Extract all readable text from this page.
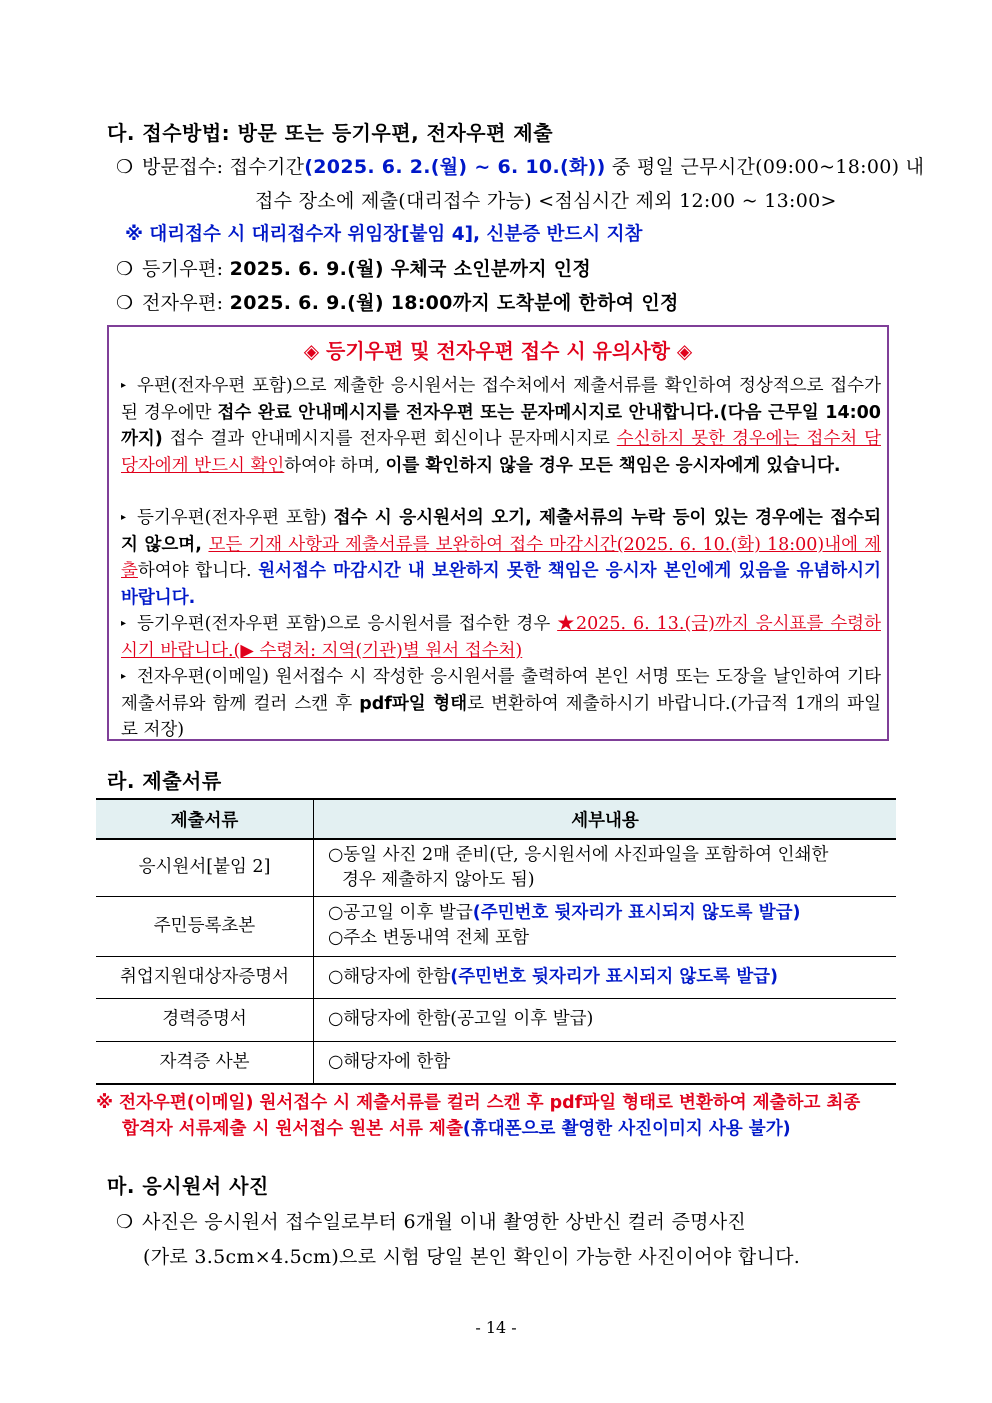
다. 접수방법: 방문 또는 등기우편, 전자우편 제출
❍ 방문접수: 접수기간(2025. 6. 2.(월) ~ 6. 10.(화)) 중 평일 근무시간(09:00~18:00) 내
접수 장소에 제출(대리접수 가능) <점심시간 제외 12:00 ~ 13:00>
※ 대리접수 시 대리접수자 위임장[붙임 4], 신분증 반드시 지참
❍ 등기우편: 2025. 6. 9.(월) 우체국 소인분까지 인정
❍ 전자우편: 2025. 6. 9.(월) 18:00까지 도착분에 한하여 인정
◈ 등기우편 및 전자우편 접수 시 유의사항 ◈
▸ 우편(전자우편 포함)으로 제출한 응시원서는 접수처에서 제출서류를 확인하여 정상적으로 접수가 된 경우에만 접수 완료 안내메시지를 전자우편 또는 문자메시지로 안내합니다.(다음 근무일 14:00까지) 접수 결과 안내메시지를 전자우편 회신이나 문자메시지로 수신하지 못한 경우에는 접수처 담당자에게 반드시 확인하여야 하며, 이를 확인하지 않을 경우 모든 책임은 응시자에게 있습니다.
▸ 등기우편(전자우편 포함) 접수 시 응시원서의 오기, 제출서류의 누락 등이 있는 경우에는 접수되지 않으며, 모든 기재 사항과 제출서류를 보완하여 접수 마감시간(2025. 6. 10.(화) 18:00)내에 제출하여야 합니다. 원서접수 마감시간 내 보완하지 못한 책임은 응시자 본인에게 있음을 유념하시기 바랍니다.
▸ 등기우편(전자우편 포함)으로 응시원서를 접수한 경우 ★2025. 6. 13.(금)까지 응시표를 수령하시기 바랍니다.(▶ 수령처: 지역(기관)별 원서 접수처)
▸ 전자우편(이메일) 원서접수 시 작성한 응시원서를 출력하여 본인 서명 또는 도장을 날인하여 기타 제출서류와 함께 컬러 스캔 후 pdf파일 형태로 변환하여 제출하시기 바랍니다.(가급적 1개의 파일로 저장)
라. 제출서류
제출서류	세부내용
응시원서[붙임 2]	○동일 사진 2매 준비(단, 응시원서에 사진파일을 포함하여 인쇄한
경우 제출하지 않아도 됨)

주민등록초본	○공고일 이후 발급(주민번호 뒷자리가 표시되지 않도록 발급)
○주소 변동내역 전체 포함

취업지원대상자증명서	○해당자에 한함(주민번호 뒷자리가 표시되지 않도록 발급)
경력증명서	○해당자에 한함(공고일 이후 발급)
자격증 사본	○해당자에 한함
※ 전자우편(이메일) 원서접수 시 제출서류를 컬러 스캔 후 pdf파일 형태로 변환하여 제출하고 최종
합격자 서류제출 시 원서접수 원본 서류 제출(휴대폰으로 촬영한 사진이미지 사용 불가)
마. 응시원서 사진
❍ 사진은 응시원서 접수일로부터 6개월 이내 촬영한 상반신 컬러 증명사진
(가로 3.5cm×4.5cm)으로 시험 당일 본인 확인이 가능한 사진이어야 합니다.
- 14 -
